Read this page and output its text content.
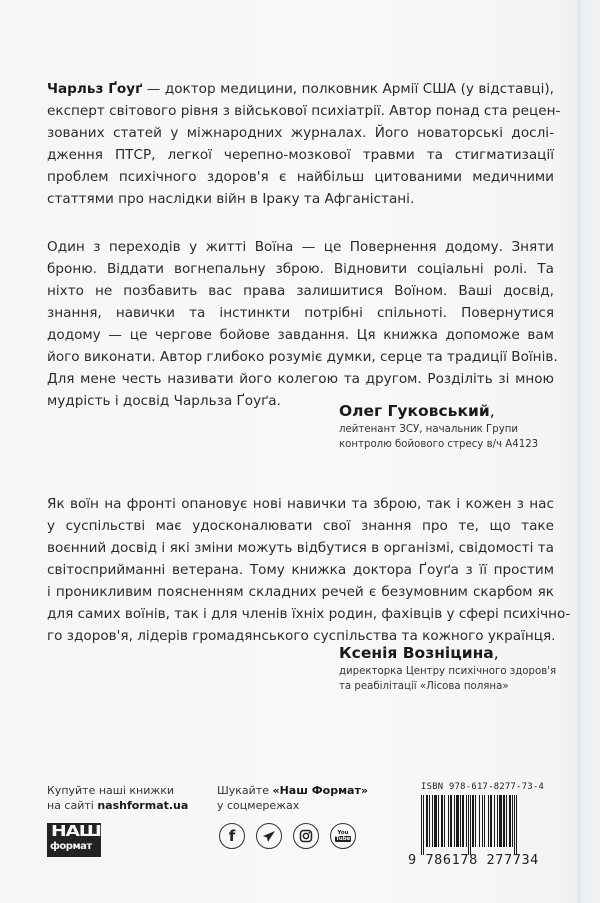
Чарльз Ґоуґ — доктор медицини, полковник Армії США (у відставці),
експерт світового рівня з військової психіатрії. Автор понад ста рецен-
зованих статей у міжнародних журналах. Його новаторські дослі-
дження ПТСР, легкої черепно-мозкової травми та стигматизації
проблем психічного здоров'я є найбільш цитованими медичними
статтями про наслідки війн в Іраку та Афганістані.
Один з переходів у житті Воїна — це Повернення додому. Зняти
броню. Віддати вогнепальну зброю. Відновити соціальні ролі. Та
ніхто не позбавить вас права залишитися Воїном. Ваші досвід,
знання, навички та інстинкти потрібні спільноті. Повернутися
додому — це чергове бойове завдання. Ця книжка допоможе вам
його виконати. Автор глибоко розуміє думки, серце та традиції Воїнів.
Для мене честь називати його колегою та другом. Розділіть зі мною
мудрість і досвід Чарльза Ґоуґа.
Олег Гуковський,
лейтенант ЗСУ, начальник Групи
контролю бойового стресу в/ч А4123
Як воїн на фронті опановує нові навички та зброю, так і кожен з нас
у суспільстві має удосконалювати свої знання про те, що таке
воєнний досвід і які зміни можуть відбутися в організмі, свідомості та
світосприйманні ветерана. Тому книжка доктора Ґоуґа з її простим
і проникливим поясненням складних речей є безумовним скарбом як
для самих воїнів, так і для членів їхніх родин, фахівців у сфері психічно-
го здоров'я, лідерів громадянського суспільства та кожного українця.
Ксенія Возніцина,
директорка Центру психічного здоров'я
та реабілітації «Лісова поляна»
Купуйте наші книжки
на сайті nashformat.ua
НАШ
формат
Шукайте «Наш Формат»
у соцмережах
f	You
Tube
ISBN 978-617-8277-73-4
9 786178 277734
